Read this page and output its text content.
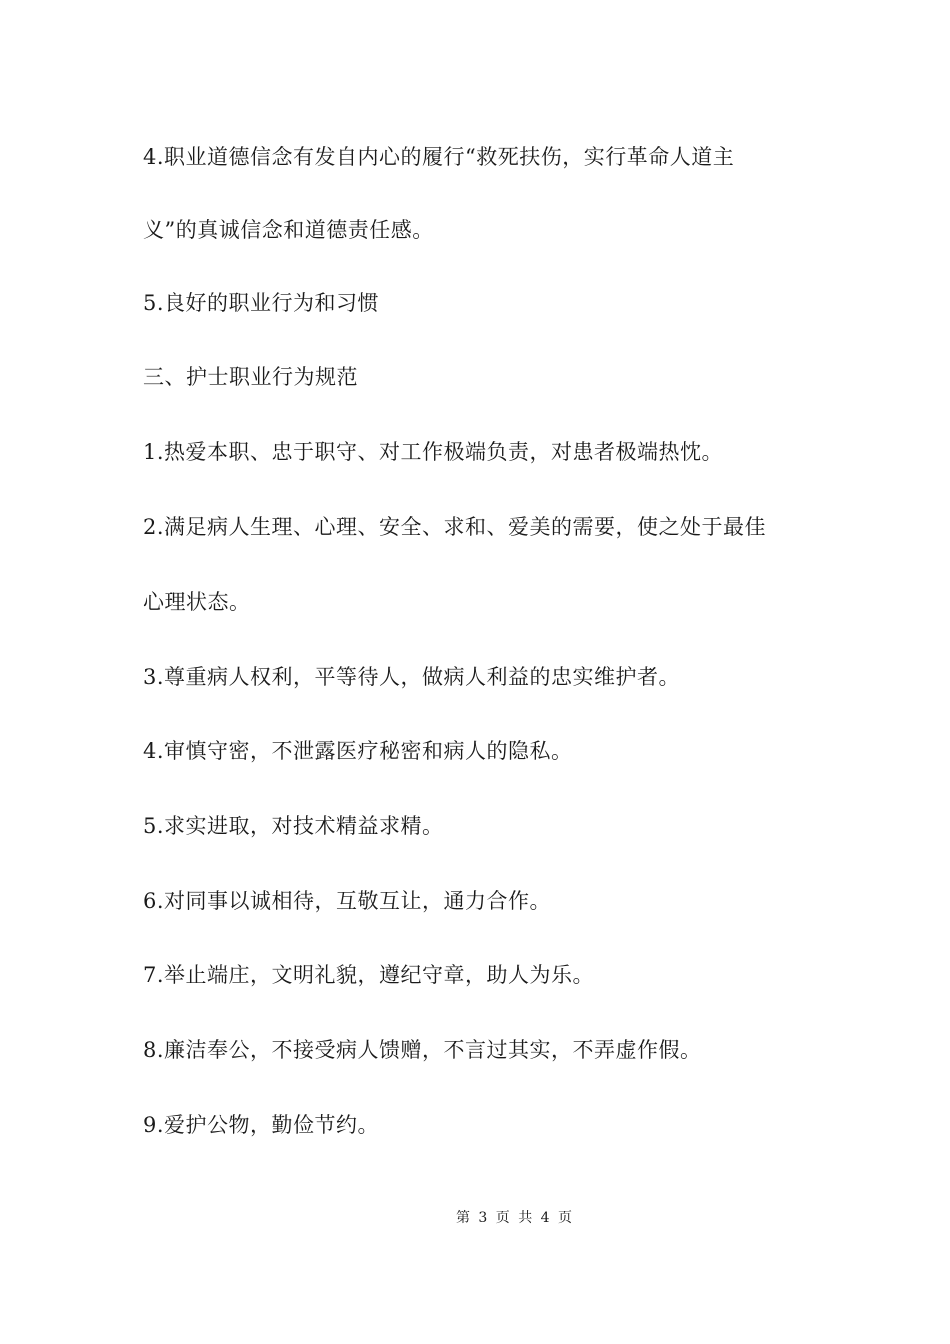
4.职业道德信念有发自内心的履行“救死扶伤，实行革命人道主
义”的真诚信念和道德责任感。
5.良好的职业行为和习惯
三、护士职业行为规范
1.热爱本职、忠于职守、对工作极端负责，对患者极端热忱。
2.满足病人生理、心理、安全、求和、爱美的需要，使之处于最佳
心理状态。
3.尊重病人权利，平等待人，做病人利益的忠实维护者。
4.审慎守密，不泄露医疗秘密和病人的隐私。
5.求实进取，对技术精益求精。
6.对同事以诚相待，互敬互让，通力合作。
7.举止端庄，文明礼貌，遵纪守章，助人为乐。
8.廉洁奉公，不接受病人馈赠，不言过其实，不弄虚作假。
9.爱护公物，勤俭节约。
第 3 页 共 4 页
